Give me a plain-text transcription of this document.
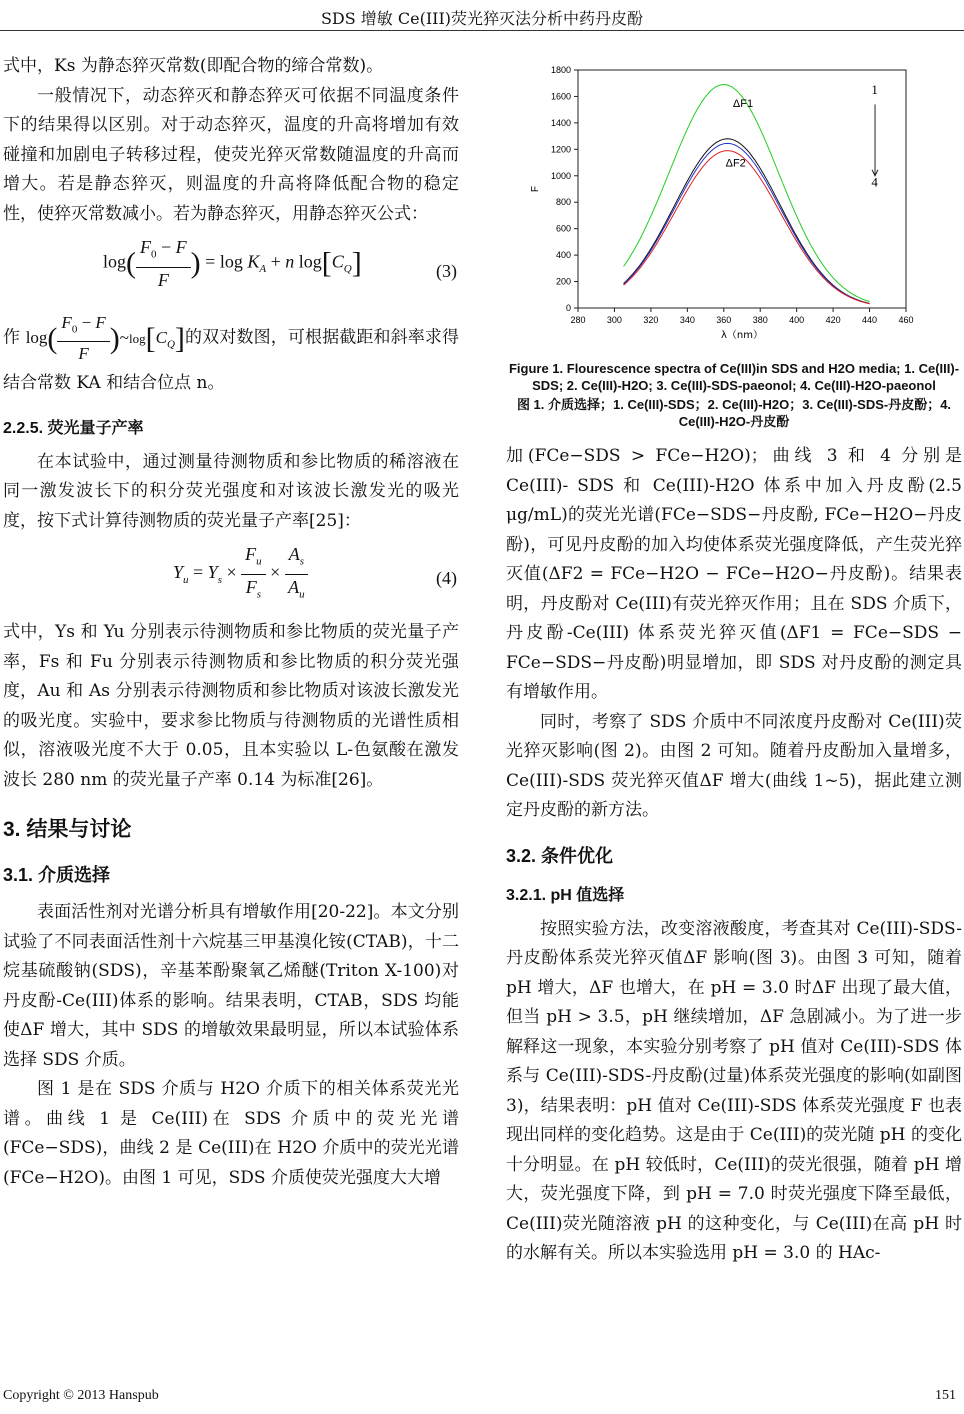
SDS 增敏 Ce(III)荧光猝灭法分析中药丹皮酚

式中，Ks 为静态猝灭常数(即配合物的缔合常数)。

一般情况下，动态猝灭和静态猝灭可依据不同温度条件下的结果得以区别。对于动态猝灭，温度的升高将增加有效碰撞和加剧电子转移过程，使荧光猝灭常数随温度的升高而增大。若是静态猝灭，则温度的升高将降低配合物的稳定性，使猝灭常数减小。若为静态猝灭，用静态猝灭公式：

$\log( \frac{F_0 - F}{F}$ ) = $\log K_A + n$ $\log[C_Q]$	(3)

作 $\log( \frac{F_0 - F}{F}$ )$\sim\log[C_Q]$的双对数图，可根据截距和斜率求得结合常数 KA 和结合位点 n。

2.2.5. 荧光量子产率

在本试验中，通过测量待测物质和参比物质的稀溶液在同一激发波长下的积分荧光强度和对该波长激发光的吸光度，按下式计算待测物质的荧光量子产率[25]：

$Y_u = Y_s \times \frac{F_u}{F_s} \times \frac{A_s}{A_u}$	(4)

式中，Ys 和 Yu 分别表示待测物质和参比物质的荧光量子产率，Fs 和 Fu 分别表示待测物质和参比物质的积分荧光强度，Au 和 As 分别表示待测物质和参比物质对该波长激发光的吸光度。实验中，要求参比物质与待测物质的光谱性质相似，溶液吸光度不大于 0.05，且本实验以 L-色氨酸在激发波长 280 nm 的荧光量子产率 0.14 为标准[26]。

3. 结果与讨论
3.1. 介质选择

表面活性剂对光谱分析具有增敏作用[20-22]。本文分别试验了不同表面活性剂十六烷基三甲基溴化铵(CTAB)，十二烷基硫酸钠(SDS)，辛基苯酚聚氧乙烯醚(Triton X-100)对丹皮酚-Ce(III)体系的影响。结果表明，CTAB，SDS 均能使ΔF 增大，其中 SDS 的增敏效果最明显，所以本试验体系选择 SDS 介质。

图 1 是在 SDS 介质与 H2O 介质下的相关体系荧光光谱。曲线 1 是 Ce(III)在 SDS 介质中的荧光光谱(FCe−SDS)，曲线 2 是 Ce(III)在 H2O 介质中的荧光光谱(FCe−H2O)。由图 1 可见，SDS 介质使荧光强度大大增

280 300 320 340 360 380 400 420 440 460
0
200
400
600
800
1000
1200
1400
1600
1800
λ（nm）
F
ΔF1
ΔF2
1
4
Figure 1. Flourescence spectra of Ce(III)in SDS and H2O media; 1. Ce(III)-SDS; 2. Ce(III)-H2O; 3. Ce(III)-SDS-paeonol; 4. Ce(III)-H2O-paeonol
图 1. 介质选择；1. Ce(III)-SDS；2. Ce(III)-H2O；3. Ce(III)-SDS-丹皮酚；4. Ce(III)-H2O-丹皮酚

加(FCe−SDS > FCe−H2O)；曲线 3 和 4 分别是 Ce(III)- SDS 和 Ce(III)-H2O 体系中加入丹皮酚(2.5 μg/mL)的荧光光谱(FCe−SDS−丹皮酚, FCe−H2O−丹皮酚)，可见丹皮酚的加入均使体系荧光强度降低，产生荧光猝灭值(ΔF2 = FCe−H2O − FCe−H2O−丹皮酚)。结果表明，丹皮酚对 Ce(III)有荧光猝灭作用；且在 SDS 介质下，丹皮酚-Ce(III) 体系荧光猝灭值(ΔF1 = FCe−SDS − FCe−SDS−丹皮酚)明显增加，即 SDS 对丹皮酚的测定具有增敏作用。

同时，考察了 SDS 介质中不同浓度丹皮酚对 Ce(III)荧光猝灭影响(图 2)。由图 2 可知。随着丹皮酚加入量增多，Ce(III)-SDS 荧光猝灭值ΔF 增大(曲线 1~5)，据此建立测定丹皮酚的新方法。

3.2. 条件优化
3.2.1. pH 值选择

按照实验方法，改变溶液酸度，考查其对 Ce(III)-SDS-丹皮酚体系荧光猝灭值ΔF 影响(图 3)。由图 3 可知，随着 pH 增大，ΔF 也增大，在 pH = 3.0 时ΔF 出现了最大值，但当 pH > 3.5，pH 继续增加，ΔF 急剧减小。为了进一步解释这一现象，本实验分别考察了 pH 值对 Ce(III)-SDS 体系与 Ce(III)-SDS-丹皮酚(过量)体系荧光强度的影响(如副图 3)，结果表明：pH 值对 Ce(III)-SDS 体系荧光强度 F 也表现出同样的变化趋势。这是由于 Ce(III)的荧光随 pH 的变化十分明显。在 pH 较低时，Ce(III)的荧光很强，随着 pH 增大，荧光强度下降，到 pH = 7.0 时荧光强度下降至最低，Ce(III)荧光随溶液 pH 的这种变化，与 Ce(III)在高 pH 时的水解有关。所以本实验选用 pH = 3.0 的 HAc-

Copyright © 2013 Hanspub	151
